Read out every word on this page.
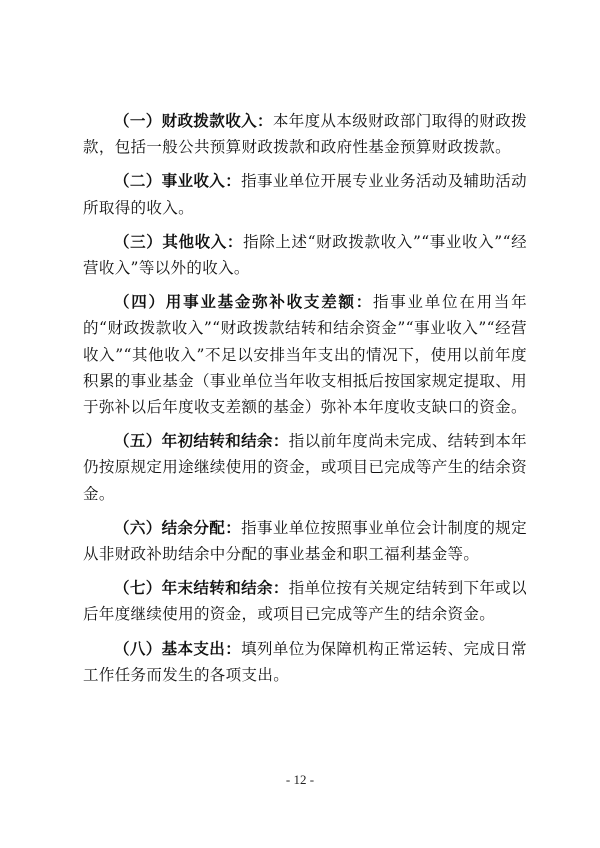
（一）财政拨款收入：本年度从本级财政部门取得的财政拨款，包括一般公共预算财政拨款和政府性基金预算财政拨款。

（二）事业收入：指事业单位开展专业业务活动及辅助活动所取得的收入。

（三）其他收入：指除上述“财政拨款收入”“事业收入”“经营收入”等以外的收入。

（四）用事业基金弥补收支差额：指事业单位在用当年的“财政拨款收入”“财政拨款结转和结余资金”“事业收入”“经营收入”“其他收入”不足以安排当年支出的情况下，使用以前年度积累的事业基金（事业单位当年收支相抵后按国家规定提取、用于弥补以后年度收支差额的基金）弥补本年度收支缺口的资金。

（五）年初结转和结余：指以前年度尚未完成、结转到本年仍按原规定用途继续使用的资金，或项目已完成等产生的结余资金。

（六）结余分配：指事业单位按照事业单位会计制度的规定从非财政补助结余中分配的事业基金和职工福利基金等。

（七）年末结转和结余：指单位按有关规定结转到下年或以后年度继续使用的资金，或项目已完成等产生的结余资金。

（八）基本支出：填列单位为保障机构正常运转、完成日常工作任务而发生的各项支出。

- 12 -
